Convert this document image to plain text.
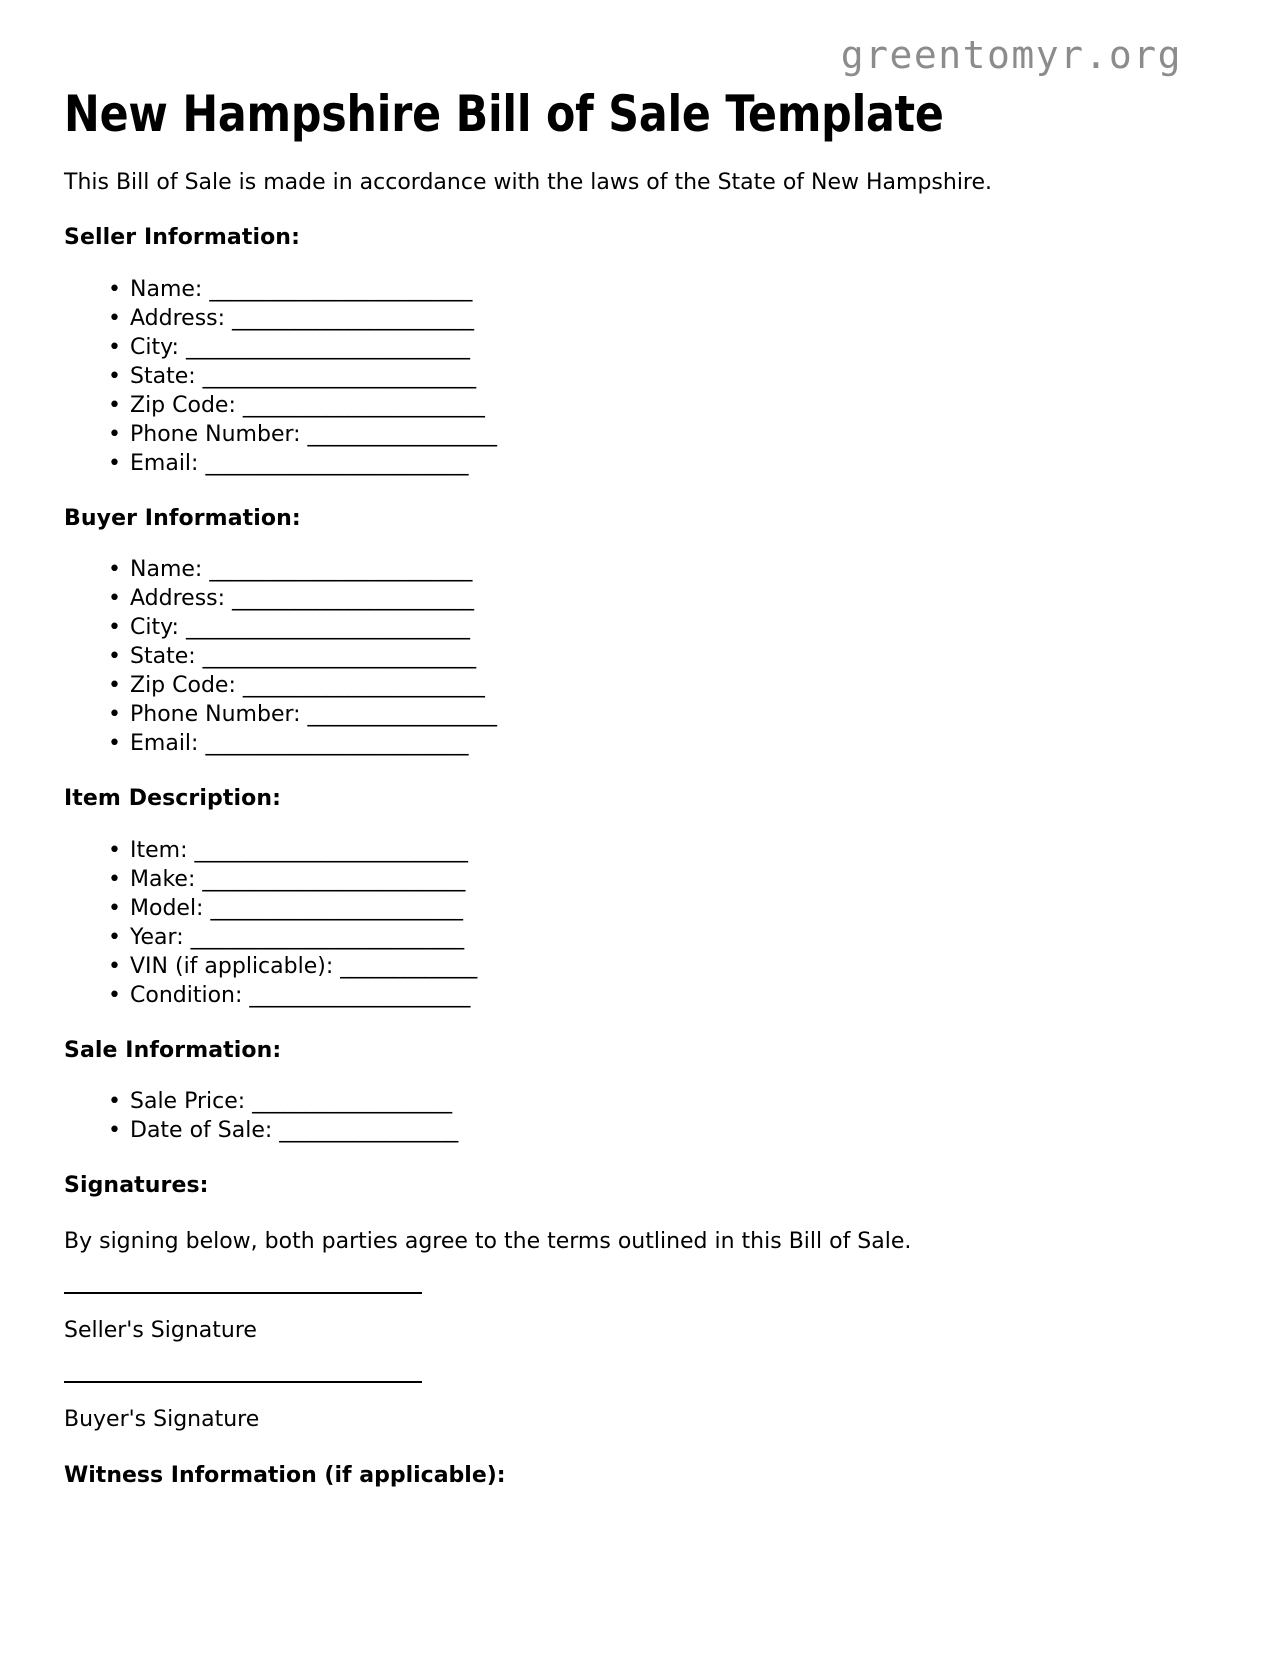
greentomyr.org
New Hampshire Bill of Sale Template

This Bill of Sale is made in accordance with the laws of the State of New Hampshire.

Seller Information:
• Name: _________________________
• Address: _______________________
• City: ___________________________
• State: __________________________
• Zip Code: _______________________
• Phone Number: __________________
• Email: _________________________
Buyer Information:
• Name: _________________________
• Address: _______________________
• City: ___________________________
• State: __________________________
• Zip Code: _______________________
• Phone Number: __________________
• Email: _________________________
Item Description:
• Item: __________________________
• Make: _________________________
• Model: ________________________
• Year: __________________________
• VIN (if applicable): _____________
• Condition: _____________________
Sale Information:
• Sale Price: ___________________
• Date of Sale: _________________
Signatures:

By signing below, both parties agree to the terms outlined in this Bill of Sale.

Seller's Signature

Buyer's Signature

Witness Information (if applicable):
